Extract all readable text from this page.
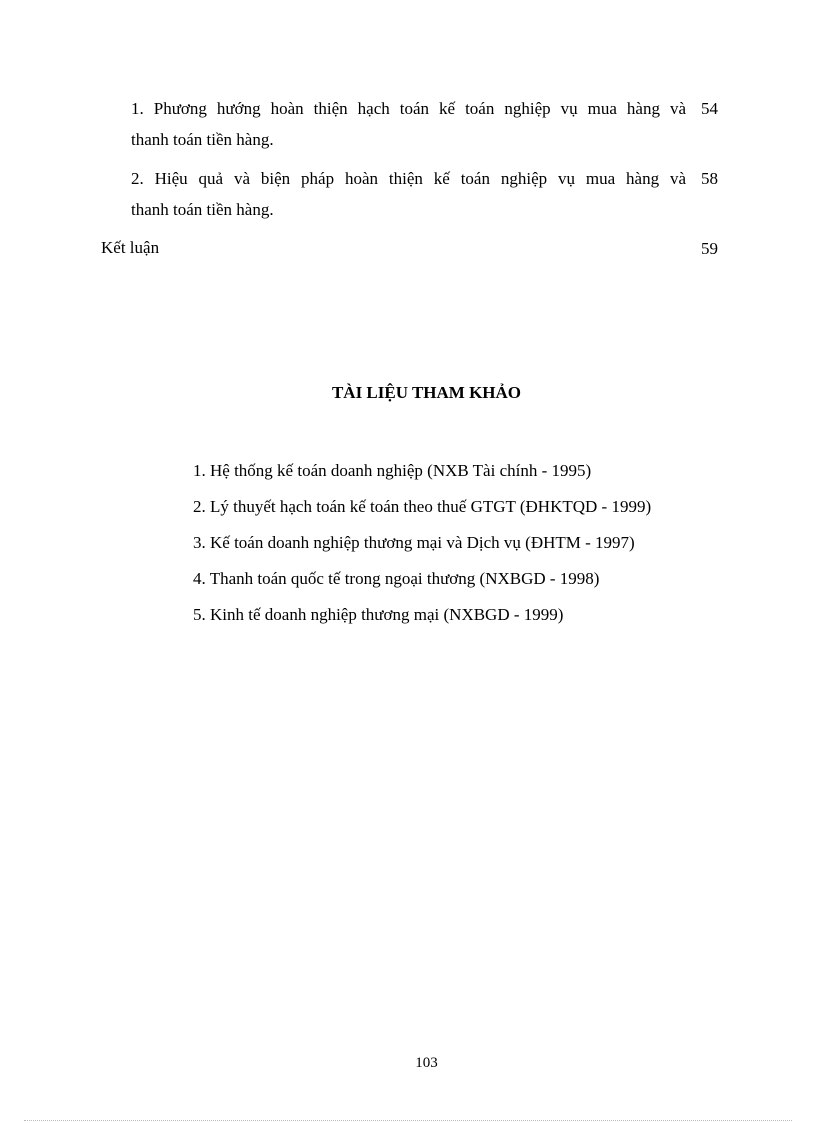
1. Phương hướng hoàn thiện hạch toán kế toán nghiệp vụ mua hàng và
thanh toán tiền hàng.
54
2. Hiệu quả và biện pháp hoàn thiện kế toán nghiệp vụ mua hàng và
thanh toán tiền hàng.
58
Kết luận	59
TÀI LIỆU THAM KHẢO
1. Hệ thống kế toán doanh nghiệp (NXB Tài chính - 1995)
2. Lý thuyết hạch toán kế toán theo thuế GTGT (ĐHKTQD - 1999)
3. Kế toán doanh nghiệp thương mại và Dịch vụ (ĐHTM - 1997)
4. Thanh toán quốc tế trong ngoại thương (NXBGD - 1998)
5. Kinh tế doanh nghiệp thương mại (NXBGD - 1999)
103
